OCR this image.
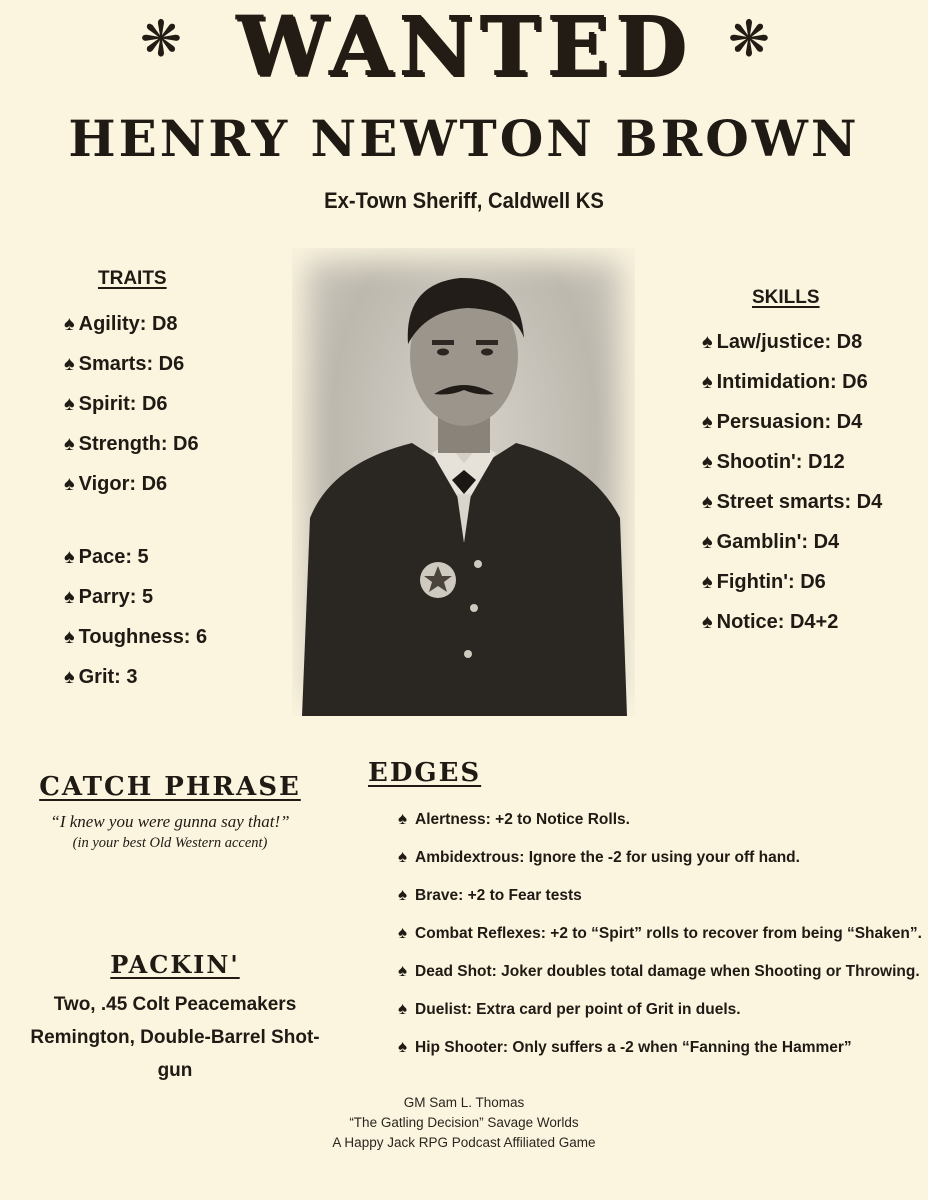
❋	❋
WANTED
HENRY NEWTON BROWN
Ex-Town Sheriff, Caldwell KS
TRAITS
♠ Agility: D8
♠ Smarts: D6
♠ Spirit: D6
♠ Strength: D6
♠ Vigor: D6
♠ Pace: 5
♠ Parry: 5
♠ Toughness: 6
♠ Grit: 3
SKILLS
♠ Law/justice: D8
♠ Intimidation: D6
♠ Persuasion: D4
♠ Shootin': D12
♠ Street smarts: D4
♠ Gamblin': D4
♠ Fightin': D6
♠ Notice: D4+2
CATCH PHRASE
“I knew you were gunna say that!”
(in your best Old Western accent)
PACKIN'
Two, .45 Colt Peacemakers
Remington, Double-Barrel Shot-gun
EDGES
♠ Alertness: +2 to Notice Rolls.
♠ Ambidextrous: Ignore the -2 for using your off hand.
♠ Brave: +2 to Fear tests
♠ Combat Reflexes: +2 to “Spirt” rolls to recover from being “Shaken”.
♠ Dead Shot: Joker doubles total damage when Shooting or Throwing.
♠ Duelist: Extra card per point of Grit in duels.
♠ Hip Shooter: Only suffers a -2 when “Fanning the Hammer”
GM Sam L. Thomas
“The Gatling Decision” Savage Worlds
A Happy Jack RPG Podcast Affiliated Game
